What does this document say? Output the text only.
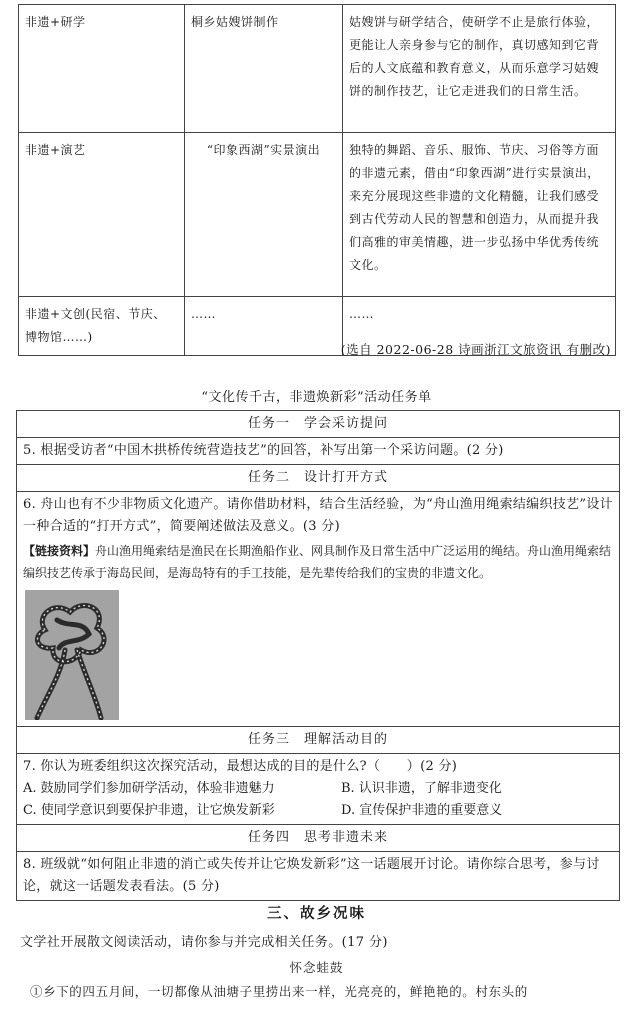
非遗+研学	桐乡姑嫂饼制作	姑嫂饼与研学结合，使研学不止是旅行体验，更能让人亲身参与它的制作，真切感知到它背后的人文底蕴和教育意义，从而乐意学习姑嫂饼的制作技艺，让它走进我们的日常生活。
非遗+演艺	“印象西湖”实景演出	独特的舞蹈、音乐、服饰、节庆、习俗等方面的非遗元素，借由“印象西湖”进行实景演出，来充分展现这些非遗的文化精髓，让我们感受到古代劳动人民的智慧和创造力，从而提升我们高雅的审美情趣，进一步弘扬中华优秀传统文化。
非遗+文创(民宿、节庆、博物馆……)	……	……
(选自 2022-06-28 诗画浙江文旅资讯 有删改)
“文化传千古，非遗焕新彩”活动任务单
任务一　学会采访提问
5. 根据受访者“中国木拱桥传统营造技艺”的回答，补写出第一个采访问题。(2 分)
任务二　设计打开方式

6. 舟山也有不少非物质文化遗产。请你借助材料，结合生活经验，为“舟山渔用绳索结编织技艺”设计一种合适的“打开方式”，简要阐述做法及意义。(3 分)
【链接资料】舟山渔用绳索结是渔民在长期渔船作业、网具制作及日常生活中广泛运用的绳结。舟山渔用绳索结编织技艺传承于海岛民间，是海岛特有的手工技能，是先辈传给我们的宝贵的非遗文化。

任务三　理解活动目的

7. 你认为班委组织这次探究活动，最想达成的目的是什么?（　　）(2 分)
A. 鼓励同学们参加研学活动，体验非遗魅力	B. 认识非遗，了解非遗变化
C. 使同学意识到要保护非遗，让它焕发新彩	D. 宣传保护非遗的重要意义

任务四　思考非遗未来
8. 班级就“如何阻止非遗的消亡或失传并让它焕发新彩”这一话题展开讨论。请你综合思考，参与讨论，就这一话题发表看法。(5 分)
三、故乡况味
文学社开展散文阅读活动，请你参与并完成相关任务。(17 分)
怀念蛙鼓
①乡下的四五月间，一切都像从油塘子里捞出来一样，光亮亮的，鲜艳艳的。村东头的
